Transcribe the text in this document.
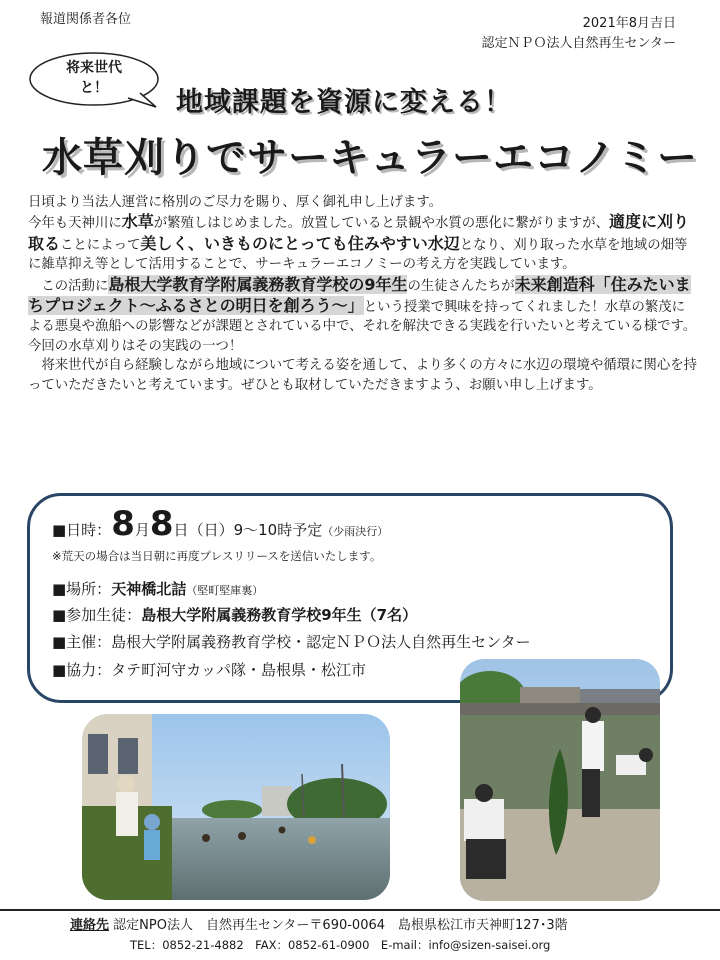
報道関係者各位	2021年8月吉日
認定ＮＰＯ法人自然再生センター
将来世代
と！	地域課題を資源に変える！
水草刈りでサーキュラーエコノミー

日頃より当法人運営に格別のご尽力を賜り、厚く御礼申し上げます。

今年も天神川に水草が繁殖しはじめました。放置していると景観や水質の悪化に繋がりますが、適度に刈り取ることによって美しく、いきものにとっても住みやすい水辺となり、刈り取った水草を地域の畑等に雑草抑え等として活用することで、サーキュラーエコノミーの考え方を実践しています。

　この活動に島根大学教育学附属義務教育学校の9年生の生徒さんたちが未来創造科「住みたいまちプロジェクト～ふるさとの明日を創ろう～」という授業で興味を持ってくれました！水草の繁茂による悪臭や漁船への影響などが課題とされている中で、それを解決できる実践を行いたいと考えている様です。

今回の水草刈りはその実践の一つ！

　将来世代が自ら経験しながら地域について考える姿を通して、より多くの方々に水辺の環境や循環に関心を持っていただきたいと考えています。ぜひとも取材していただきますよう、お願い申し上げます。

■日時：8月8日（日）9～10時予定（少雨決行）
※荒天の場合は当日朝に再度プレスリリースを送信いたします。
■場所：天神橋北詰（堅町堅庫裏）
■参加生徒：島根大学附属義務教育学校9年生（7名）
■主催：島根大学附属義務教育学校・認定ＮＰＯ法人自然再生センター
■協力：タテ町河守カッパ隊・島根県・松江市
連絡先 認定NPO法人　自然再生センター〒690-0064　島根県松江市天神町127･3階
TEL：0852-21-4882　FAX：0852-61-0900　E-mail：info@sizen-saisei.org
